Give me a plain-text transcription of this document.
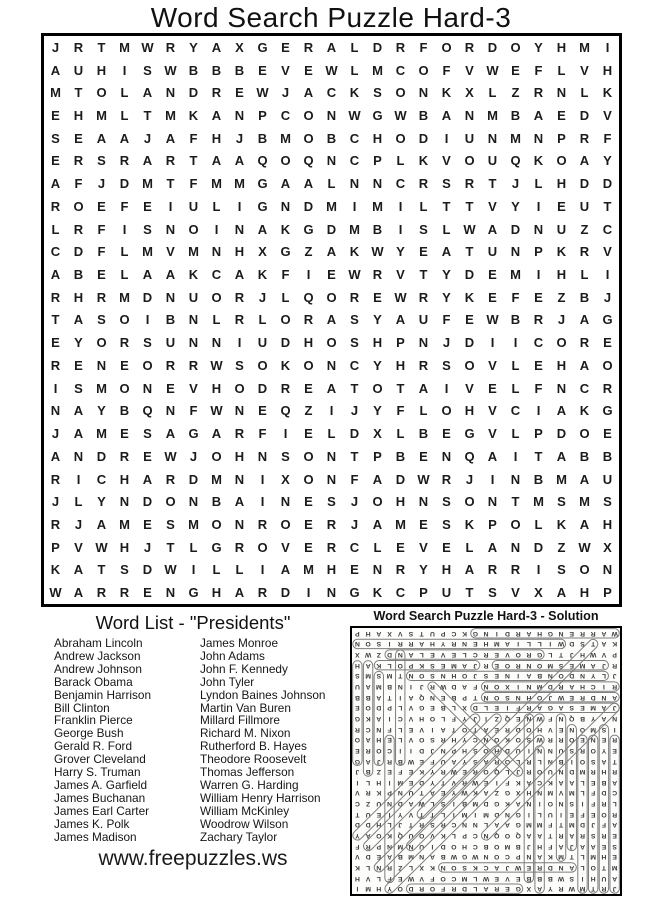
Word Search Puzzle Hard-3
J R T M W R Y A X G E R A L D R F O R D O Y H M I
A U H I S W B B B E V E W L M C O F V W E F L V H
M T O L A N D R E W J A C K S O N K X L Z R N L K
E H M L T M K A N P C O N W G W B A N M B A E D V
S E A A J A F H J B M O B C H O D I U N M N P R F
E R S R A R T A A Q O Q N C P L K V O U Q K O A Y
A F J D M T F M M G A A L N N C R S R T J L H D D
R O E F E I U L I G N D M I M I L T T V Y I E U T
L R F I S N O I N A K G D M B I S L W A D N U Z C
C D F L M V M N H X G Z A K W Y E A T U N P K R V
A B E L A A K C A K F I E W R V T Y D E M I H L I
R H R M D N U O R J L Q O R E W R Y K E F E Z B J
T A S O I B N L R L O R A S Y A U F E W B R J A G
E Y O R S U N N I U D H O S H P N J D I I C O R E
R E N E O R R W S O K O N C Y H R S O V L E H A O
I S M O N E V H O D R E A T O T A I V E L F N C R
N A Y B Q N F W N E Q Z I J Y F L O H V C I A K G
J A M E S A G A R F I E L D X L B E G V L P D O E
A N D R E W J O H N S O N T P B E N Q A I T A B B
R I C H A R D M N I X O N F A D W R J I N B M A U
J L Y N D O N B A I N E S J O H N S O N T M S M S
R J A M E S M O N R O E R J A M E S K P O L K A H
P V W H J T L G R O V E R C L E V E L A N D Z W X
K A T S D W I L L I A M H E N R Y H A R R I S O N
W A R R E N G H A R D I N G K C P U T S V X A H P
Word List - "Presidents"
Abraham Lincoln
Andrew Jackson
Andrew Johnson
Barack Obama
Benjamin Harrison
Bill Clinton
Franklin Pierce
George Bush
Gerald R. Ford
Grover Cleveland
Harry S. Truman
James A. Garfield
James Buchanan
James Earl Carter
James K. Polk
James Madison
James Monroe
John Adams
John F. Kennedy
John Tyler
Lyndon Baines Johnson
Martin Van Buren
Millard Fillmore
Richard M. Nixon
Rutherford B. Hayes
Theodore Roosevelt
Thomas Jefferson
Warren G. Harding
William Henry Harrison
William McKinley
Woodrow Wilson
Zachary Taylor
Word Search Puzzle Hard-3 - Solution
J
R
T
M
W
R
Y
A
X
G
E
R
A
L
D
R
F
O
R
D
O
Y
H
M
I
A
U
H
I
S
W
B
B
B
E
V
E
W
L
M
C
O
F
V
W
E
F
L
V
H
M
T
O
L
A
N
D
R
E
W
J
A
C
K
S
O
N
K
X
L
Z
R
N
L
K
E
H
M
L
T
M
K
A
N
P
C
O
N
W
G
W
B
A
N
M
B
A
E
D
V
S
E
A
A
J
A
F
H
J
B
M
O
B
C
H
O
D
I
U
N
M
N
P
R
F
E
R
S
R
A
R
T
A
A
Q
O
Q
N
C
P
L
K
V
O
U
Q
K
O
A
Y
A
F
J
D
M
T
F
M
M
G
A
A
L
N
N
C
R
S
R
T
J
L
H
D
D
R
O
E
F
E
I
U
L
I
G
N
D
M
I
M
I
L
T
T
V
Y
I
E
U
T
L
R
F
I
S
N
O
I
N
A
K
G
D
M
B
I
S
L
W
A
D
N
U
Z
C
C
D
F
L
M
V
M
N
H
X
G
Z
A
K
W
Y
E
A
T
U
N
P
K
R
V
A
B
E
L
A
A
K
C
A
K
F
I
E
W
R
V
T
Y
D
E
M
I
H
L
I
R
H
R
M
D
N
U
O
R
J
L
Q
O
R
E
W
R
Y
K
E
F
E
Z
B
J
T
A
S
O
I
B
N
L
R
L
O
R
A
S
Y
A
U
F
E
W
B
R
J
A
G
E
Y
O
R
S
U
N
N
I
U
D
H
O
S
H
P
N
J
D
I
I
C
O
R
E
R
E
N
E
O
R
R
W
S
O
K
O
N
C
Y
H
R
S
O
V
L
E
H
A
O
I
S
M
O
N
E
V
H
O
D
R
E
A
T
O
T
A
I
V
E
L
F
N
C
R
N
A
Y
B
Q
N
F
W
N
E
Q
Z
I
J
Y
F
L
O
H
V
C
I
A
K
G
J
A
M
E
S
A
G
A
R
F
I
E
L
D
X
L
B
E
G
V
L
P
D
O
E
A
N
D
R
E
W
J
O
H
N
S
O
N
T
P
B
E
N
Q
A
I
T
A
B
B
R
I
C
H
A
R
D
M
N
I
X
O
N
F
A
D
W
R
J
I
N
B
M
A
U
J
L
Y
N
D
O
N
B
A
I
N
E
S
J
O
H
N
S
O
N
T
M
S
M
S
R
J
A
M
E
S
M
O
N
R
O
E
R
J
A
M
E
S
K
P
O
L
K
A
H
P
V
W
H
J
T
L
G
R
O
V
E
R
C
L
E
V
E
L
A
N
D
Z
W
X
K
A
T
S
D
W
I
L
L
I
A
M
H
E
N
R
Y
H
A
R
R
I
S
O
N
W
A
R
R
E
N
G
H
A
R
D
I
N
G
K
C
P
U
T
S
V
X
A
H
P
www.freepuzzles.ws
